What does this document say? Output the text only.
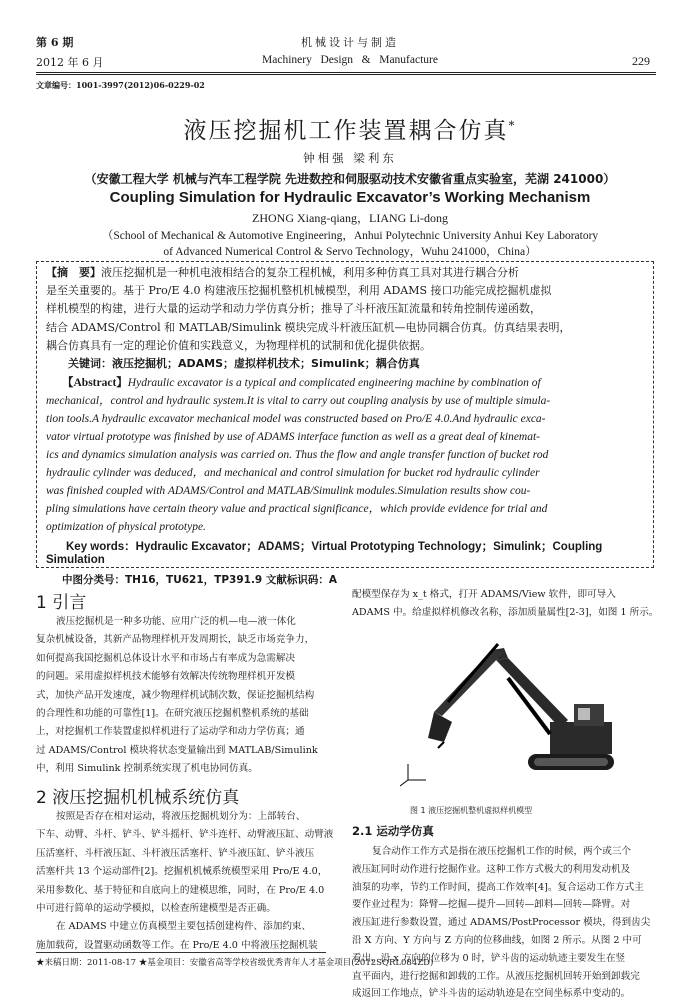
第 6 期
2012 年 6 月
机械设计与制造
Machinery   Design   &   Manufacture	229
文章编号：1001-3997(2012)06-0229-02
液压挖掘机工作装置耦合仿真*
钟相强 梁利东
（安徽工程大学 机械与汽车工程学院 先进数控和伺服驱动技术安徽省重点实验室，芜湖 241000）
Coupling Simulation for Hydraulic Excavator’s Working Mechanism
ZHONG Xiang-qiang，LIANG Li-dong
（School of Mechanical & Automotive Engineering，Anhui Polytechnic University Anhui Key Laboratory
of Advanced Numerical Control & Servo Technology，Wuhu 241000，China）
【摘　要】液压挖掘机是一种机电液相结合的复杂工程机械，利用多种仿真工具对其进行耦合分析
是至关重要的。基于 Pro/E 4.0 构建液压挖掘机整机机械模型，利用 ADAMS 接口功能完成挖掘机虚拟
样机模型的构建，进行大量的运动学和动力学仿真分析；推导了斗杆液压缸流量和转角控制传递函数，
结合 ADAMS/Control 和 MATLAB/Simulink 模块完成斗杆液压缸机—电协同耦合仿真。仿真结果表明，
耦合仿真具有一定的理论价值和实践意义，为物理样机的试制和优化提供依据。
关键词：液压挖掘机；ADAMS；虚拟样机技术；Simulink；耦合仿真
【Abstract】Hydraulic excavator is a typical and complicated engineering machine by combination of
mechanical，control and hydraulic system.It is vital to carry out coupling analysis by use of multiple simula-
tion tools.A hydraulic excavator mechanical model was constructed based on Pro/E 4.0.And hydraulic exca-
vator virtual prototype was finished by use of ADAMS interface function as well as a great deal of kinemat-
ics and dynamics simulation analysis was carried on. Thus the flow and angle transfer function of bucket rod
hydraulic cylinder was deduced，and mechanical and control simulation for bucket rod hydraulic cylinder
was finished coupled with ADAMS/Control and MATLAB/Simulink modules.Simulation results show cou-
pling simulations have certain theory value and practical significance，which provide evidence for trial and
optimization of physical prototype.
Key words：Hydraulic Excavator；ADAMS；Virtual Prototyping Technology；Simulink；Coupling
Simulation
中图分类号：TH16，TU621，TP391.9 文献标识码：A
1 引言
液压挖掘机是一种多功能、应用广泛的机—电—液一体化
复杂机械设备，其新产品物理样机开发周期长，缺乏市场竞争力，
如何提高我国挖掘机总体设计水平和市场占有率成为急需解决
的问题。采用虚拟样机技术能够有效解决传统物理样机开发模
式，加快产品开发速度，减少物理样机试制次数，保证挖掘机结构
的合理性和功能的可靠性[1]。在研究液压挖掘机整机系统的基础
上，对挖掘机工作装置虚拟样机进行了运动学和动力学仿真；通
过 ADAMS/Control 模块将状态变量输出到 MATLAB/Simulink
中，利用 Simulink 控制系统实现了机电协同仿真。
2 液压挖掘机机械系统仿真
按照是否存在相对运动，将液压挖掘机划分为：上部转台、
下车、动臂、斗杆、铲斗、铲斗摇杆、铲斗连杆、动臂液压缸、动臂液
压活塞杆、斗杆液压缸、斗杆液压活塞杆、铲斗液压缸、铲斗液压
活塞杆共 13 个运动部件[2]。挖掘机机械系统模型采用 Pro/E 4.0，
采用参数化、基于特征和自底向上的建模思维，同时，在 Pro/E 4.0
中可进行简单的运动学模拟，以检查所建模型是否正确。
在 ADAMS 中建立仿真模型主要包括创建构件、添加约束、
施加载荷，设置驱动函数等工作。在 Pro/E 4.0 中将液压挖掘机装
配模型保存为 x_t 格式，打开 ADAMS/View 软件，即可导入
ADAMS 中。给虚拟样机修改名称，添加质量属性[2-3]，如图 1 所示。
图 1 液压挖掘机整机虚拟样机模型
2.1 运动学仿真
复合动作工作方式是指在液压挖掘机工作的时候，两个或三个
液压缸同时动作进行挖掘作业。这种工作方式极大的利用发动机及
油泵的功率，节约工作时间，提高工作效率[4]。复合运动工作方式主
要作业过程为：降臂—挖掘—提升—回转—卸料—回转—降臂。对
液压缸进行参数设置，通过 ADAMS/PostProcessor 模块，得到齿尖
沿 X 方向、Y 方向与 Z 方向的位移曲线，如图 2 所示。从图 2 中可
看出，沿 x 方向的位移为 0 时，铲斗齿的运动轨迹主要发生在竖
直平面内，进行挖掘和卸载的工作。从液压挖掘机回转开始到卸载完
成返回工作地点，铲斗斗齿的运动轨迹是在空间坐标系中变动的。
★来稿日期：2011-08-17 ★基金项目：安徽省高等学校省级优秀青年人才基金项目(2012SQRL084ZD)
